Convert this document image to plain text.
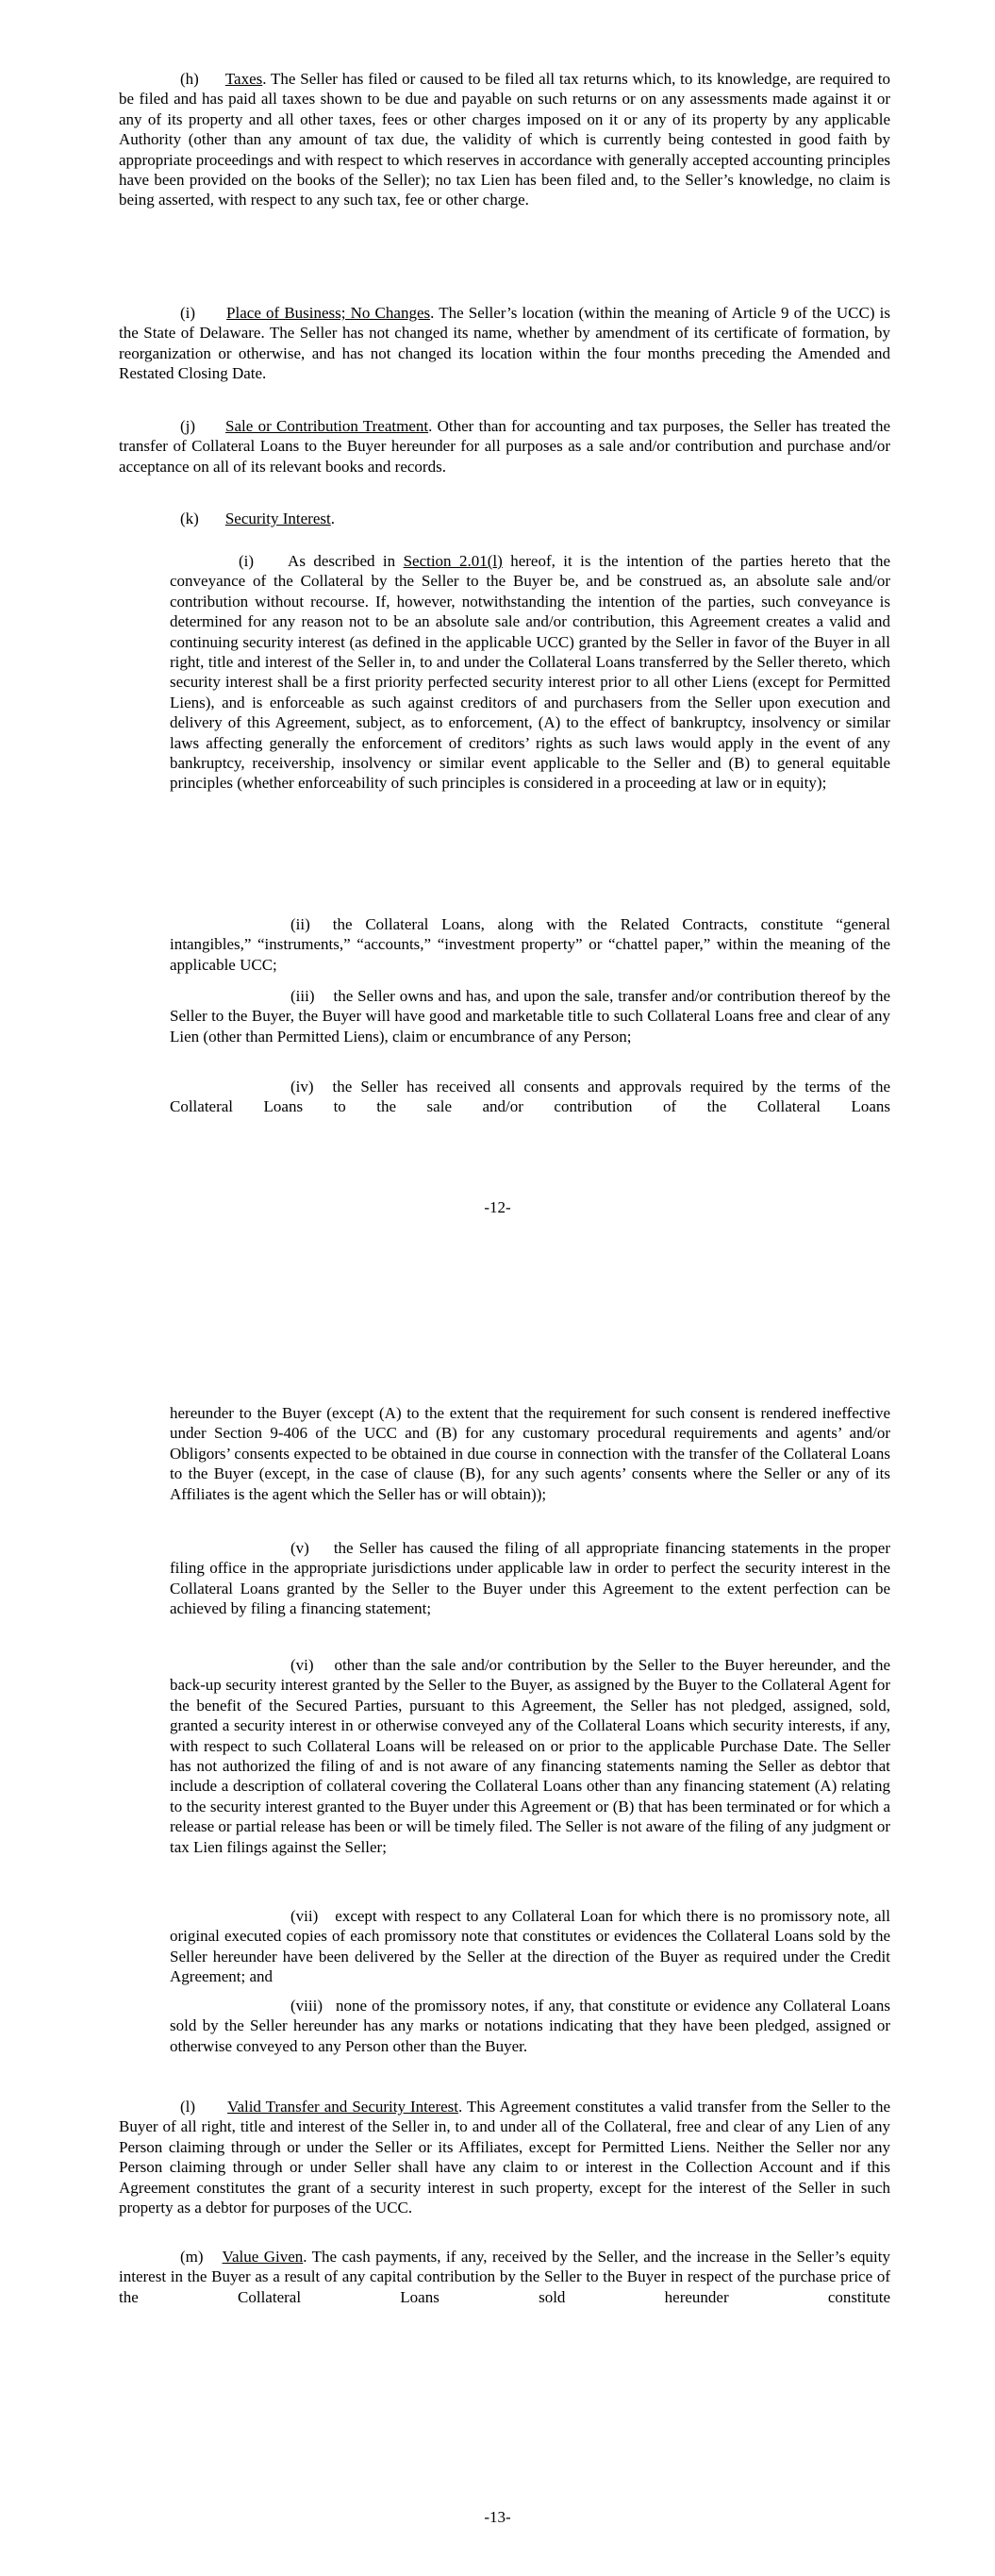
(h) Taxes. The Seller has filed or caused to be filed all tax returns which, to its knowledge, are required to be filed and has paid all taxes shown to be due and payable on such returns or on any assessments made against it or any of its property and all other taxes, fees or other charges imposed on it or any of its property by any applicable Authority (other than any amount of tax due, the validity of which is currently being contested in good faith by appropriate proceedings and with respect to which reserves in accordance with generally accepted accounting principles have been provided on the books of the Seller); no tax Lien has been filed and, to the Seller’s knowledge, no claim is being asserted, with respect to any such tax, fee or other charge.

(i) Place of Business; No Changes. The Seller’s location (within the meaning of Article 9 of the UCC) is the State of Delaware. The Seller has not changed its name, whether by amendment of its certificate of formation, by reorganization or otherwise, and has not changed its location within the four months preceding the Amended and Restated Closing Date.

(j) Sale or Contribution Treatment. Other than for accounting and tax purposes, the Seller has treated the transfer of Collateral Loans to the Buyer hereunder for all purposes as a sale and/or contribution and purchase and/or acceptance on all of its relevant books and records.

(k) Security Interest.

(i) As described in Section 2.01(l) hereof, it is the intention of the parties hereto that the conveyance of the Collateral by the Seller to the Buyer be, and be construed as, an absolute sale and/or contribution without recourse. If, however, notwithstanding the intention of the parties, such conveyance is determined for any reason not to be an absolute sale and/or contribution, this Agreement creates a valid and continuing security interest (as defined in the applicable UCC) granted by the Seller in favor of the Buyer in all right, title and interest of the Seller in, to and under the Collateral Loans transferred by the Seller thereto, which security interest shall be a first priority perfected security interest prior to all other Liens (except for Permitted Liens), and is enforceable as such against creditors of and purchasers from the Seller upon execution and delivery of this Agreement, subject, as to enforcement, (A) to the effect of bankruptcy, insolvency or similar laws affecting generally the enforcement of creditors’ rights as such laws would apply in the event of any bankruptcy, receivership, insolvency or similar event applicable to the Seller and (B) to general equitable principles (whether enforceability of such principles is considered in a proceeding at law or in equity);

(ii) the Collateral Loans, along with the Related Contracts, constitute “general intangibles,” “instruments,” “accounts,” “investment property” or “chattel paper,” within the meaning of the applicable UCC;

(iii) the Seller owns and has, and upon the sale, transfer and/or contribution thereof by the Seller to the Buyer, the Buyer will have good and marketable title to such Collateral Loans free and clear of any Lien (other than Permitted Liens), claim or encumbrance of any Person;

(iv) the Seller has received all consents and approvals required by the terms of the Collateral Loans to the sale and/or contribution of the Collateral Loans

-12-

hereunder to the Buyer (except (A) to the extent that the requirement for such consent is rendered ineffective under Section 9-406 of the UCC and (B) for any customary procedural requirements and agents’ and/or Obligors’ consents expected to be obtained in due course in connection with the transfer of the Collateral Loans to the Buyer (except, in the case of clause (B), for any such agents’ consents where the Seller or any of its Affiliates is the agent which the Seller has or will obtain));

(v) the Seller has caused the filing of all appropriate financing statements in the proper filing office in the appropriate jurisdictions under applicable law in order to perfect the security interest in the Collateral Loans granted by the Seller to the Buyer under this Agreement to the extent perfection can be achieved by filing a financing statement;

(vi) other than the sale and/or contribution by the Seller to the Buyer hereunder, and the back-up security interest granted by the Seller to the Buyer, as assigned by the Buyer to the Collateral Agent for the benefit of the Secured Parties, pursuant to this Agreement, the Seller has not pledged, assigned, sold, granted a security interest in or otherwise conveyed any of the Collateral Loans which security interests, if any, with respect to such Collateral Loans will be released on or prior to the applicable Purchase Date. The Seller has not authorized the filing of and is not aware of any financing statements naming the Seller as debtor that include a description of collateral covering the Collateral Loans other than any financing statement (A) relating to the security interest granted to the Buyer under this Agreement or (B) that has been terminated or for which a release or partial release has been or will be timely filed. The Seller is not aware of the filing of any judgment or tax Lien filings against the Seller;

(vii) except with respect to any Collateral Loan for which there is no promissory note, all original executed copies of each promissory note that constitutes or evidences the Collateral Loans sold by the Seller hereunder have been delivered by the Seller at the direction of the Buyer as required under the Credit Agreement; and

(viii) none of the promissory notes, if any, that constitute or evidence any Collateral Loans sold by the Seller hereunder has any marks or notations indicating that they have been pledged, assigned or otherwise conveyed to any Person other than the Buyer.

(l) Valid Transfer and Security Interest. This Agreement constitutes a valid transfer from the Seller to the Buyer of all right, title and interest of the Seller in, to and under all of the Collateral, free and clear of any Lien of any Person claiming through or under the Seller or its Affiliates, except for Permitted Liens. Neither the Seller nor any Person claiming through or under Seller shall have any claim to or interest in the Collection Account and if this Agreement constitutes the grant of a security interest in such property, except for the interest of the Seller in such property as a debtor for purposes of the UCC.

(m) Value Given. The cash payments, if any, received by the Seller, and the increase in the Seller’s equity interest in the Buyer as a result of any capital contribution by the Seller to the Buyer in respect of the purchase price of the Collateral Loans sold hereunder constitute

-13-
